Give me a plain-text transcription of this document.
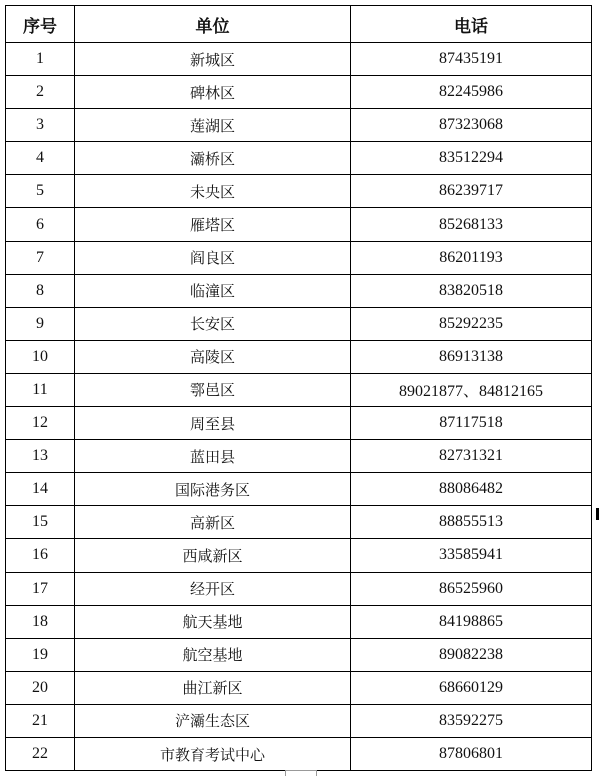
序号	单位	电话
1	新城区	87435191
2	碑林区	82245986
3	莲湖区	87323068
4	灞桥区	83512294
5	未央区	86239717
6	雁塔区	85268133
7	阎良区	86201193
8	临潼区	83820518
9	长安区	85292235
10	高陵区	86913138
11	鄠邑区	89021877、84812165
12	周至县	87117518
13	蓝田县	82731321
14	国际港务区	88086482
15	高新区	88855513
16	西咸新区	33585941
17	经开区	86525960
18	航天基地	84198865
19	航空基地	89082238
20	曲江新区	68660129
21	浐灞生态区	83592275
22	市教育考试中心	87806801
